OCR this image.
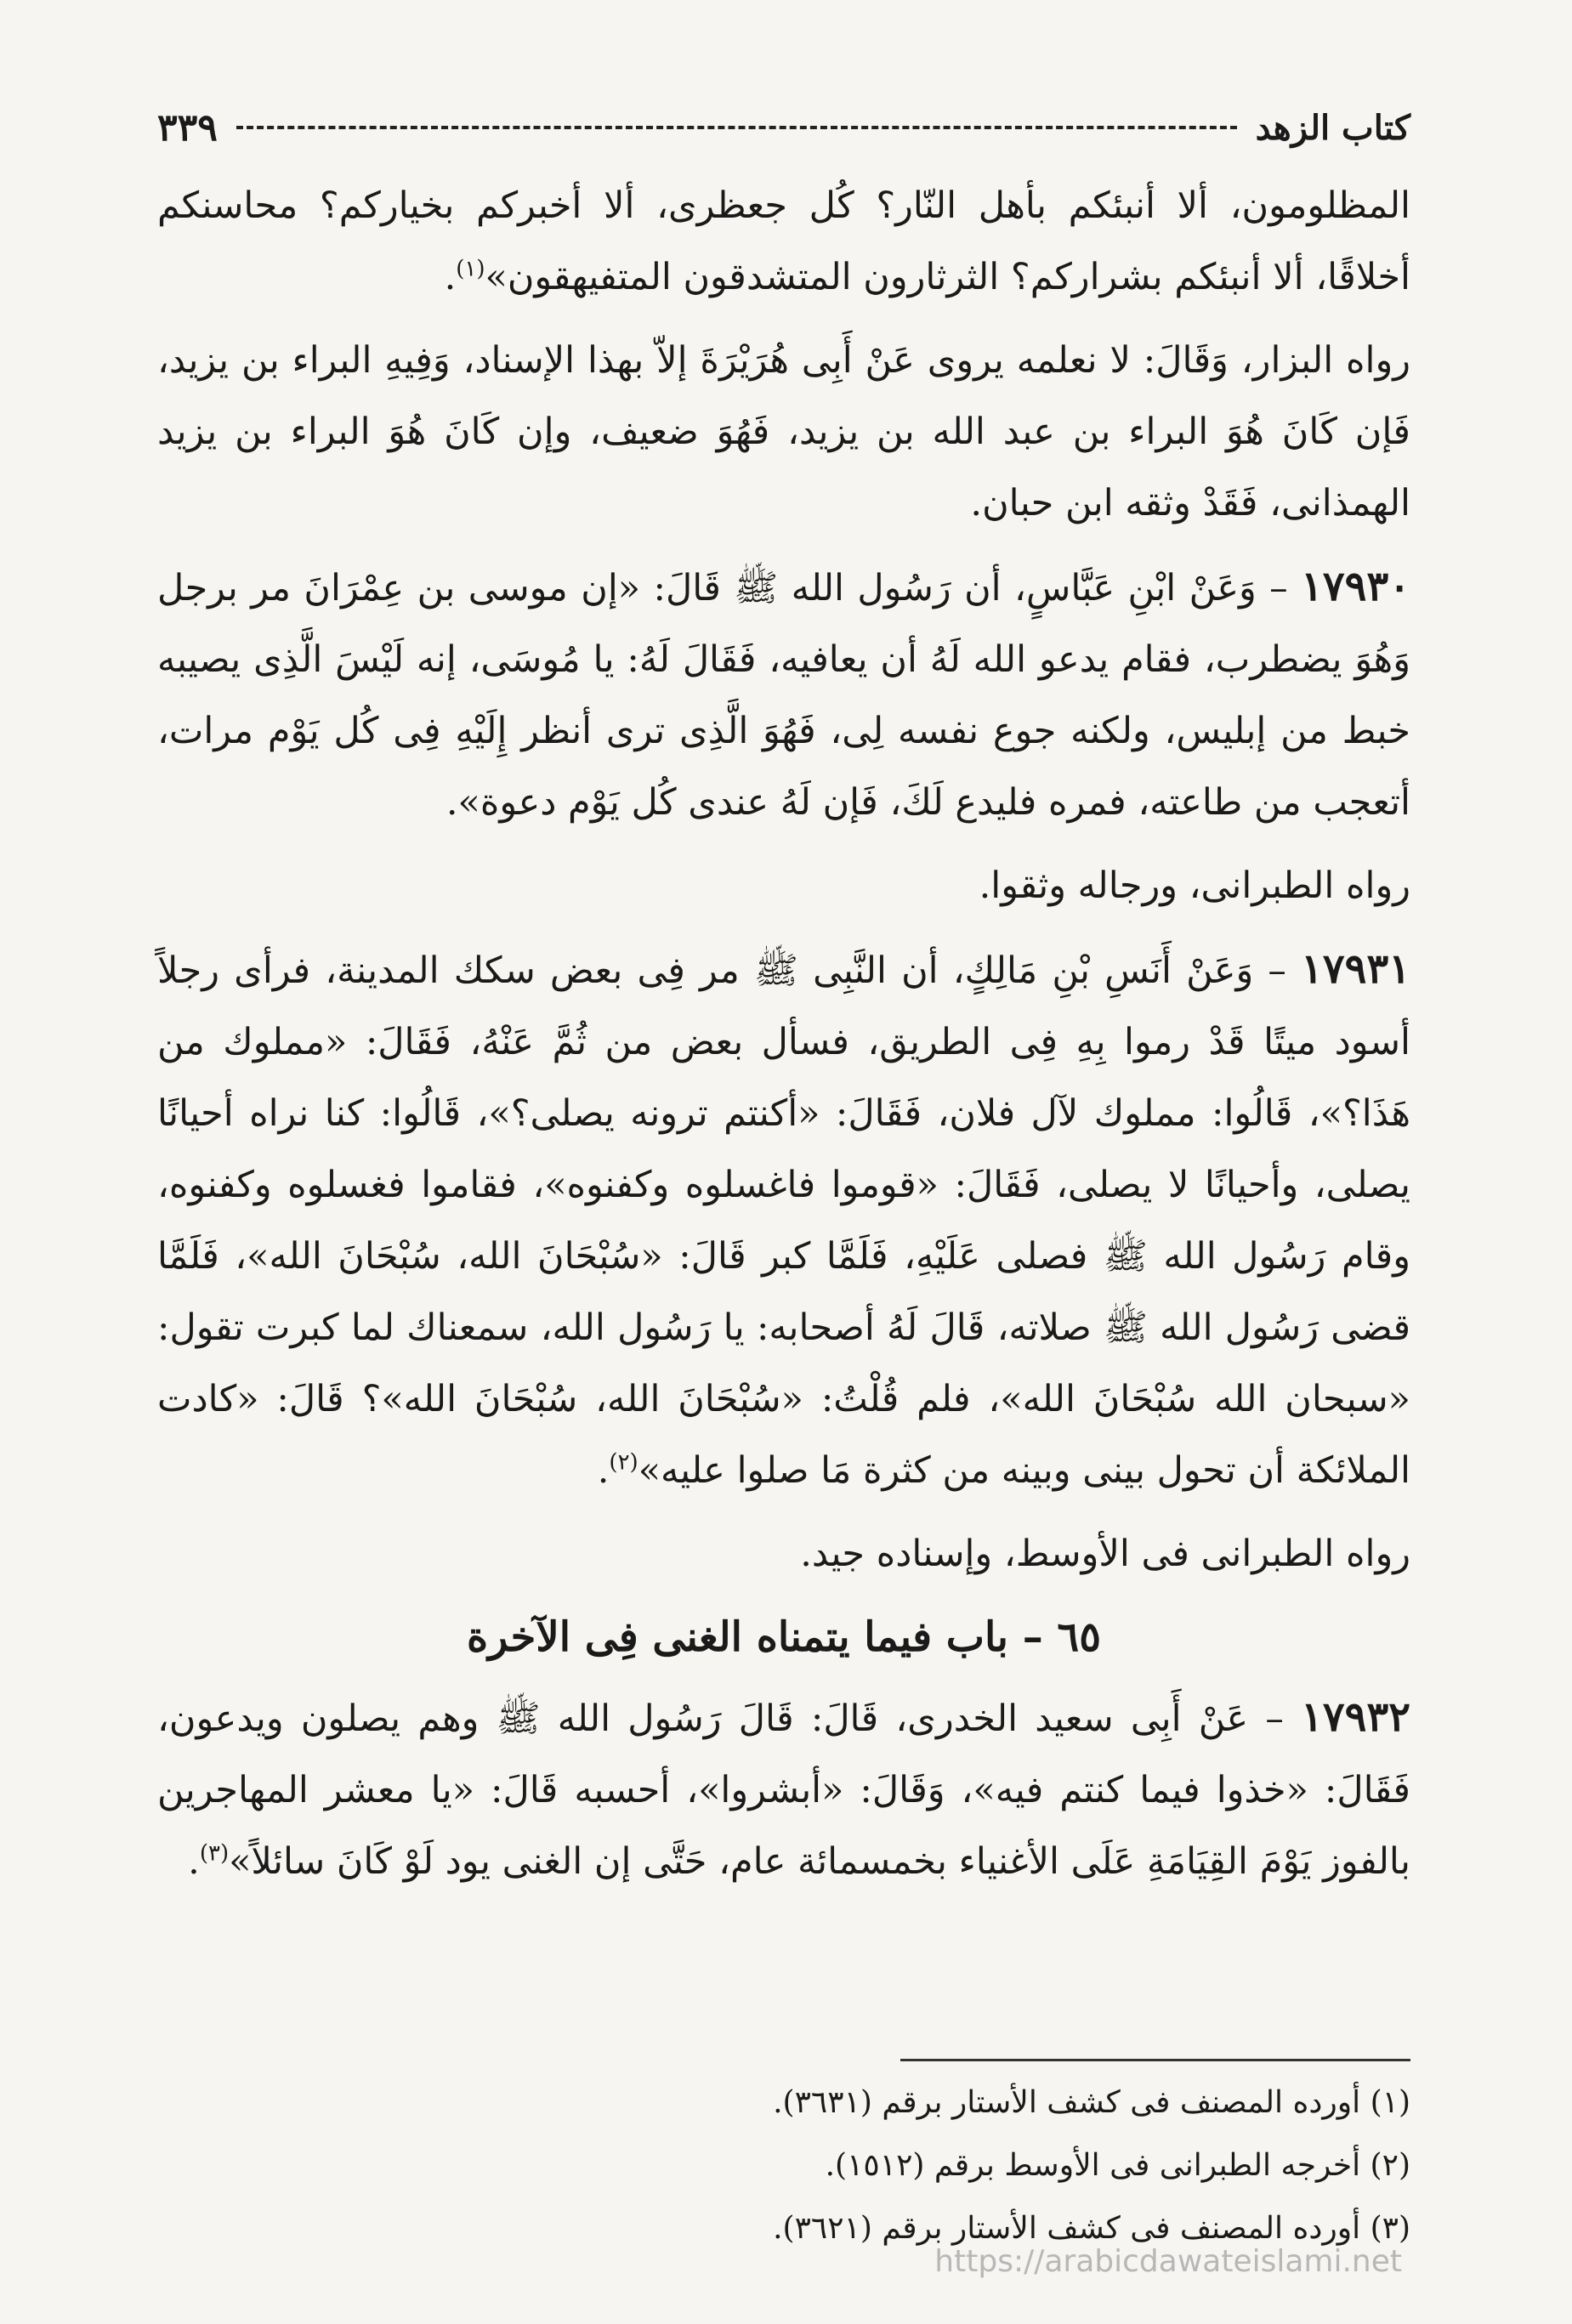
كتاب الزهد
٣٣٩

المظلومون، ألا أنبئكم بأهل النّار؟ كُل جعظرى، ألا أخبركم بخياركم؟ محاسنكم أخلاقًا، ألا أنبئكم بشراركم؟ الثرثارون المتشدقون المتفيهقون»$^{(١)}$.

رواه البزار، وَقَالَ: لا نعلمه يروى عَنْ أَبِى هُرَيْرَةَ إلاّ بهذا الإسناد، وَفِيهِ البراء بن يزيد، فَإن كَانَ هُوَ البراء بن عبد الله بن يزيد، فَهُوَ ضعيف، وإن كَانَ هُوَ البراء بن يزيد الهمذانى، فَقَدْ وثقه ابن حبان.

١٧٩٣٠ – وَعَنْ ابْنِ عَبَّاسٍ، أن رَسُول الله ﷺ قَالَ: «إن موسى بن عِمْرَانَ مر برجل وَهُوَ يضطرب، فقام يدعو الله لَهُ أن يعافيه، فَقَالَ لَهُ: يا مُوسَى، إنه لَيْسَ الَّذِى يصيبه خبط من إبليس، ولكنه جوع نفسه لِى، فَهُوَ الَّذِى ترى أنظر إِلَيْهِ فِى كُل يَوْم مرات، أتعجب من طاعته، فمره فليدع لَكَ، فَإن لَهُ عندى كُل يَوْم دعوة».

رواه الطبرانى، ورجاله وثقوا.

١٧٩٣١ – وَعَنْ أَنَسِ بْنِ مَالِكٍ، أن النَّبِى ﷺ مر فِى بعض سكك المدينة، فرأى رجلاً أسود ميتًا قَدْ رموا بِهِ فِى الطريق، فسأل بعض من ثُمَّ عَنْهُ، فَقَالَ: «مملوك من هَذَا؟»، قَالُوا: مملوك لآل فلان، فَقَالَ: «أكنتم ترونه يصلى؟»، قَالُوا: كنا نراه أحيانًا يصلى، وأحيانًا لا يصلى، فَقَالَ: «قوموا فاغسلوه وكفنوه»، فقاموا فغسلوه وكفنوه، وقام رَسُول الله ﷺ فصلى عَلَيْهِ، فَلَمَّا كبر قَالَ: «سُبْحَانَ الله، سُبْحَانَ الله»، فَلَمَّا قضى رَسُول الله ﷺ صلاته، قَالَ لَهُ أصحابه: يا رَسُول الله، سمعناك لما كبرت تقول: «سبحان الله سُبْحَانَ الله»، فلم قُلْتُ: «سُبْحَانَ الله، سُبْحَانَ الله»؟ قَالَ: «كادت الملائكة أن تحول بينى وبينه من كثرة مَا صلوا عليه»$^{(٢)}$.

رواه الطبرانى فى الأوسط، وإسناده جيد.

٦٥ – باب فيما يتمناه الغنى فِى الآخرة

١٧٩٣٢ – عَنْ أَبِى سعيد الخدرى، قَالَ: قَالَ رَسُول الله ﷺ وهم يصلون ويدعون، فَقَالَ: «خذوا فيما كنتم فيه»، وَقَالَ: «أبشروا»، أحسبه قَالَ: «يا معشر المهاجرين بالفوز يَوْمَ القِيَامَةِ عَلَى الأغنياء بخمسمائة عام، حَتَّى إن الغنى يود لَوْ كَانَ سائلاً»$^{(٣)}$.

(١) أورده المصنف فى كشف الأستار برقم (٣٦٣١).

(٢) أخرجه الطبرانى فى الأوسط برقم (١٥١٢).

(٣) أورده المصنف فى كشف الأستار برقم (٣٦٢١).

https://arabicdawateislami.net
